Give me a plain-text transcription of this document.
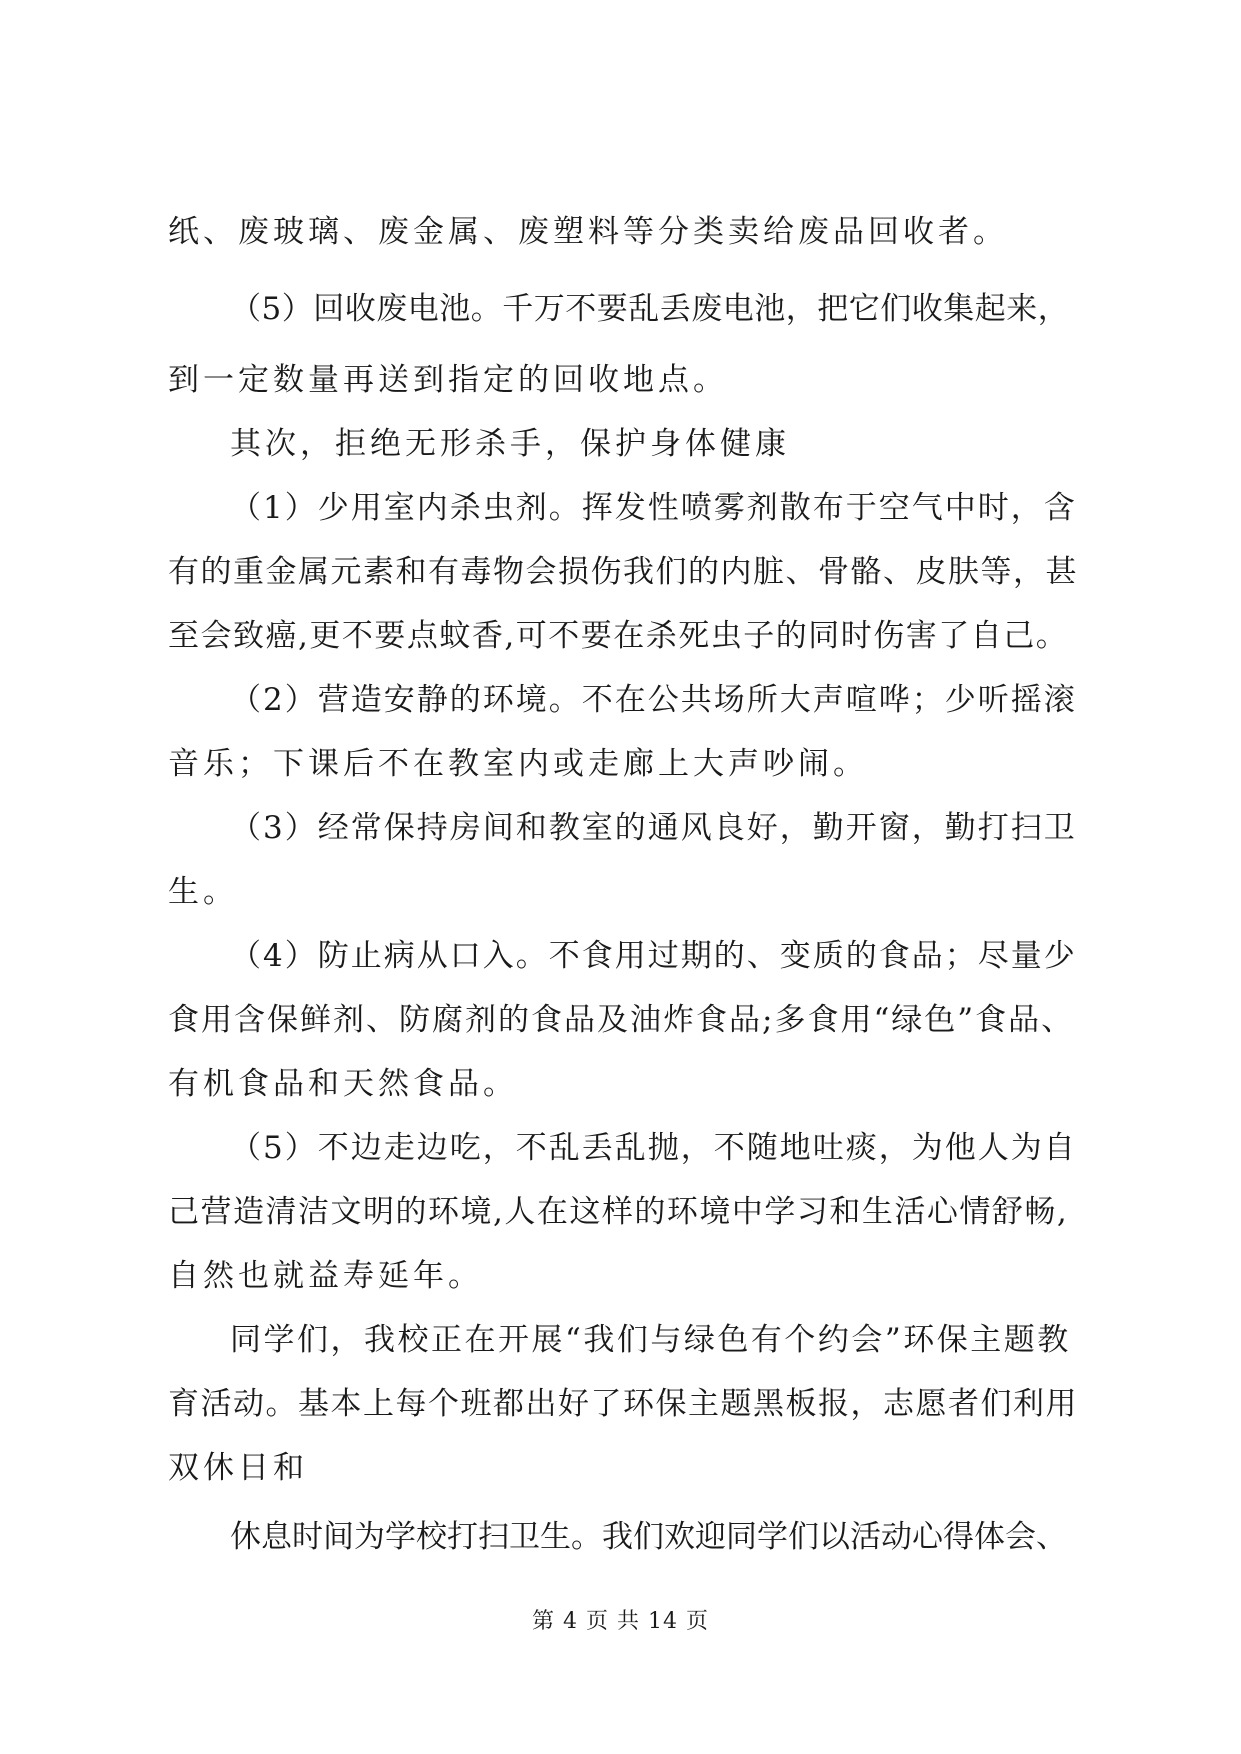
纸、废玻璃、废金属、废塑料等分类卖给废品回收者。
（5）回收废电池。千万不要乱丢废电池，把它们收集起来，
到一定数量再送到指定的回收地点。
其次，拒绝无形杀手，保护身体健康
（1）少用室内杀虫剂。挥发性喷雾剂散布于空气中时，含
有的重金属元素和有毒物会损伤我们的内脏、骨骼、皮肤等，甚
至会致癌,更不要点蚊香,可不要在杀死虫子的同时伤害了自己。
（2）营造安静的环境。不在公共场所大声喧哗；少听摇滚
音乐；下课后不在教室内或走廊上大声吵闹。
（3）经常保持房间和教室的通风良好，勤开窗，勤打扫卫
生。
（4）防止病从口入。不食用过期的、变质的食品；尽量少
食用含保鲜剂、防腐剂的食品及油炸食品;多食用“绿色”食品、
有机食品和天然食品。
（5）不边走边吃，不乱丢乱抛，不随地吐痰，为他人为自
己营造清洁文明的环境,人在这样的环境中学习和生活心情舒畅,
自然也就益寿延年。
同学们，我校正在开展“我们与绿色有个约会”环保主题教
育活动。基本上每个班都出好了环保主题黑板报，志愿者们利用
双休日和
休息时间为学校打扫卫生。我们欢迎同学们以活动心得体会、
第 4 页 共 14 页
